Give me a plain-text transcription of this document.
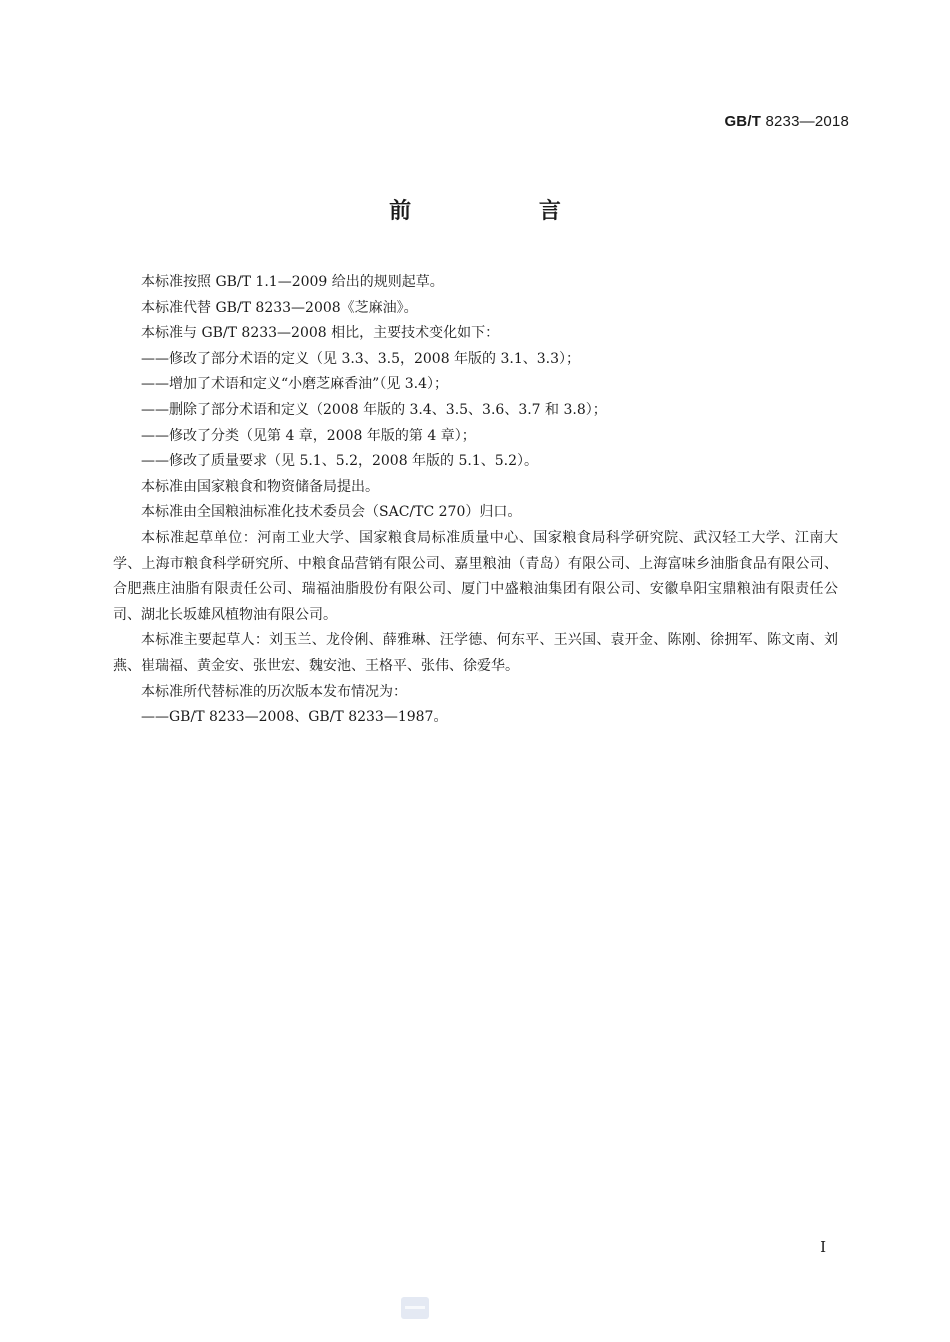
GB/T 8233—2018
前 言

本标准按照 GB/T 1.1—2009 给出的规则起草。

本标准代替 GB/T 8233—2008《芝麻油》。

本标准与 GB/T 8233—2008 相比，主要技术变化如下：

——修改了部分术语的定义（见 3.3、3.5，2008 年版的 3.1、3.3）；

——增加了术语和定义“小磨芝麻香油”（见 3.4）；

——删除了部分术语和定义（2008 年版的 3.4、3.5、3.6、3.7 和 3.8）；

——修改了分类（见第 4 章，2008 年版的第 4 章）；

——修改了质量要求（见 5.1、5.2，2008 年版的 5.1、5.2）。

本标准由国家粮食和物资储备局提出。

本标准由全国粮油标准化技术委员会（SAC/TC 270）归口。

本标准起草单位：河南工业大学、国家粮食局标准质量中心、国家粮食局科学研究院、武汉轻工大学、江南大学、上海市粮食科学研究所、中粮食品营销有限公司、嘉里粮油（青岛）有限公司、上海富味乡油脂食品有限公司、合肥燕庄油脂有限责任公司、瑞福油脂股份有限公司、厦门中盛粮油集团有限公司、安徽阜阳宝鼎粮油有限责任公司、湖北长坂雄风植物油有限公司。

本标准主要起草人：刘玉兰、龙伶俐、薛雅琳、汪学德、何东平、王兴国、袁开金、陈刚、徐拥军、陈文南、刘燕、崔瑞福、黄金安、张世宏、魏安池、王格平、张伟、徐爱华。

本标准所代替标准的历次版本发布情况为：

——GB/T 8233—2008、GB/T 8233—1987。

I
